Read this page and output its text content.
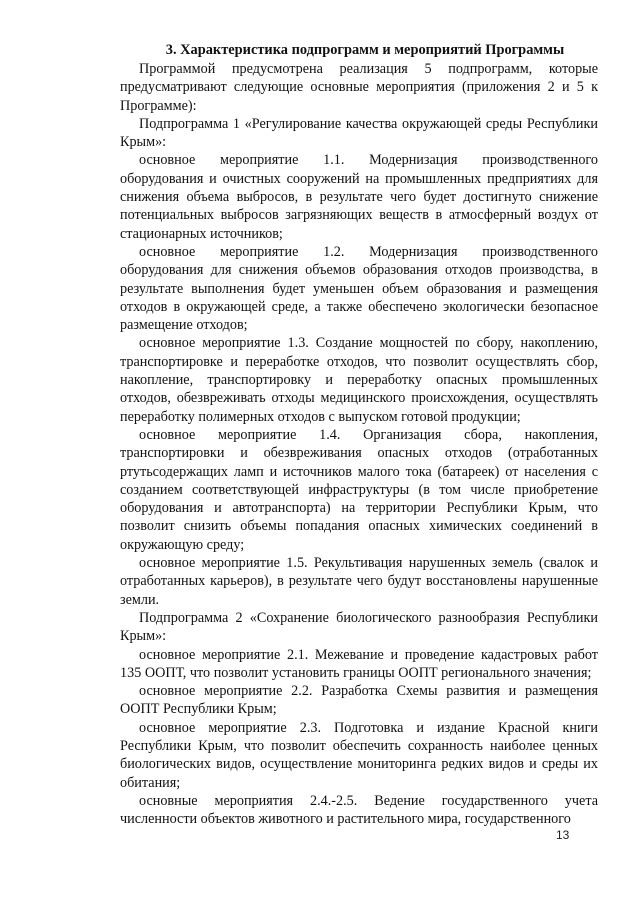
3. Характеристика подпрограмм и мероприятий Программы

Программой предусмотрена реализация 5 подпрограмм, которые предусматривают следующие основные мероприятия (приложения 2 и 5 к Программе):

Подпрограмма 1 «Регулирование качества окружающей среды Республики Крым»:

основное мероприятие 1.1. Модернизация производственного оборудования и очистных сооружений на промышленных предприятиях для снижения объема выбросов, в результате чего будет достигнуто снижение потенциальных выбросов загрязняющих веществ в атмосферный воздух от стационарных источников;

основное мероприятие 1.2. Модернизация производственного оборудования для снижения объемов образования отходов производства, в результате выполнения будет уменьшен объем образования и размещения отходов в окружающей среде, а также обеспечено экологически безопасное размещение отходов;

основное мероприятие 1.3. Создание мощностей по сбору, накоплению, транспортировке и переработке отходов, что позволит осуществлять сбор, накопление, транспортировку и переработку опасных промышленных отходов, обезвреживать отходы медицинского происхождения, осуществлять переработку полимерных отходов с выпуском готовой продукции;

основное мероприятие 1.4. Организация сбора, накопления, транспортировки и обезвреживания опасных отходов (отработанных ртутьсодержащих ламп и источников малого тока (батареек) от населения с созданием соответствующей инфраструктуры (в том числе приобретение оборудования и автотранспорта) на территории Республики Крым, что позволит снизить объемы попадания опасных химических соединений в окружающую среду;

основное мероприятие 1.5. Рекультивация нарушенных земель (свалок и отработанных карьеров), в результате чего будут восстановлены нарушенные земли.

Подпрограмма 2 «Сохранение биологического разнообразия Республики Крым»:

основное мероприятие 2.1. Межевание и проведение кадастровых работ 135 ООПТ, что позволит установить границы ООПТ регионального значения;

основное мероприятие 2.2. Разработка Схемы развития и размещения ООПТ Республики Крым;

основное мероприятие 2.3. Подготовка и издание Красной книги Республики Крым, что позволит обеспечить сохранность наиболее ценных биологических видов, осуществление мониторинга редких видов и среды их обитания;

основные мероприятия 2.4.-2.5. Ведение государственного учета численности объектов животного и растительного мира, государственного

13
